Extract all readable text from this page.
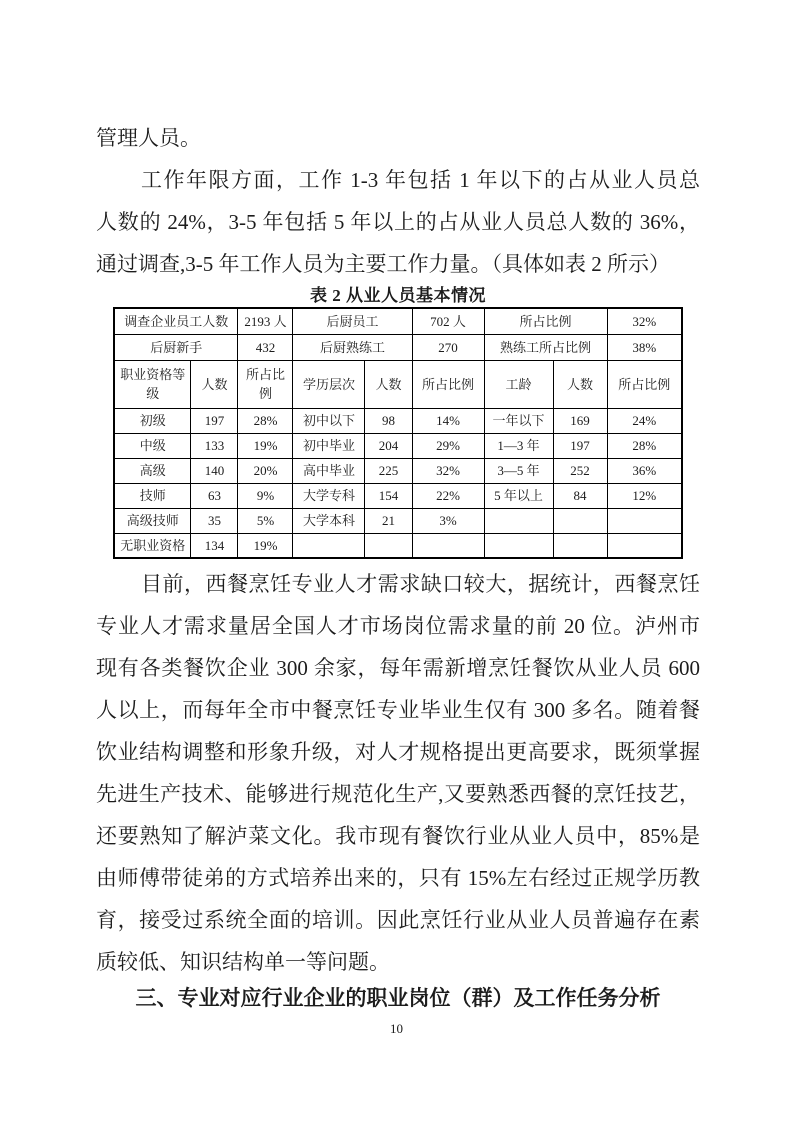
管理人员。
工作年限方面，工作 1-3 年包括 1 年以下的占从业人员总
人数的 24%，3-5 年包括 5 年以上的占从业人员总人数的 36%，
通过调查,3-5 年工作人员为主要工作力量。（具体如表 2 所示）
表 2 从业人员基本情况
调查企业员工人数		2193 人	后厨员工		702 人	所占比例		32%
后厨新手		432	后厨熟练工		270	熟练工所占比例		38%
职业资格等级	人数	所占比例	学历层次	人数	所占比例	工龄	人数	所占比例
初级	197	28%	初中以下	98	14%	一年以下	169	24%
中级	133	19%	初中毕业	204	29%	1—3 年	197	28%
高级	140	20%	高中毕业	225	32%	3—5 年	252	36%
技师	63	9%	大学专科	154	22%	5 年以上	84	12%
高级技师	35	5%	大学本科	21	3%			
无职业资格	134	19%						
目前，西餐烹饪专业人才需求缺口较大，据统计，西餐烹饪
专业人才需求量居全国人才市场岗位需求量的前 20 位。泸州市
现有各类餐饮企业 300 余家，每年需新增烹饪餐饮从业人员 600
人以上，而每年全市中餐烹饪专业毕业生仅有 300 多名。随着餐
饮业结构调整和形象升级，对人才规格提出更高要求，既须掌握
先进生产技术、能够进行规范化生产,又要熟悉西餐的烹饪技艺，
还要熟知了解泸菜文化。我市现有餐饮行业从业人员中，85%是
由师傅带徒弟的方式培养出来的，只有 15%左右经过正规学历教
育，接受过系统全面的培训。因此烹饪行业从业人员普遍存在素
质较低、知识结构单一等问题。
三、专业对应行业企业的职业岗位（群）及工作任务分析
10
